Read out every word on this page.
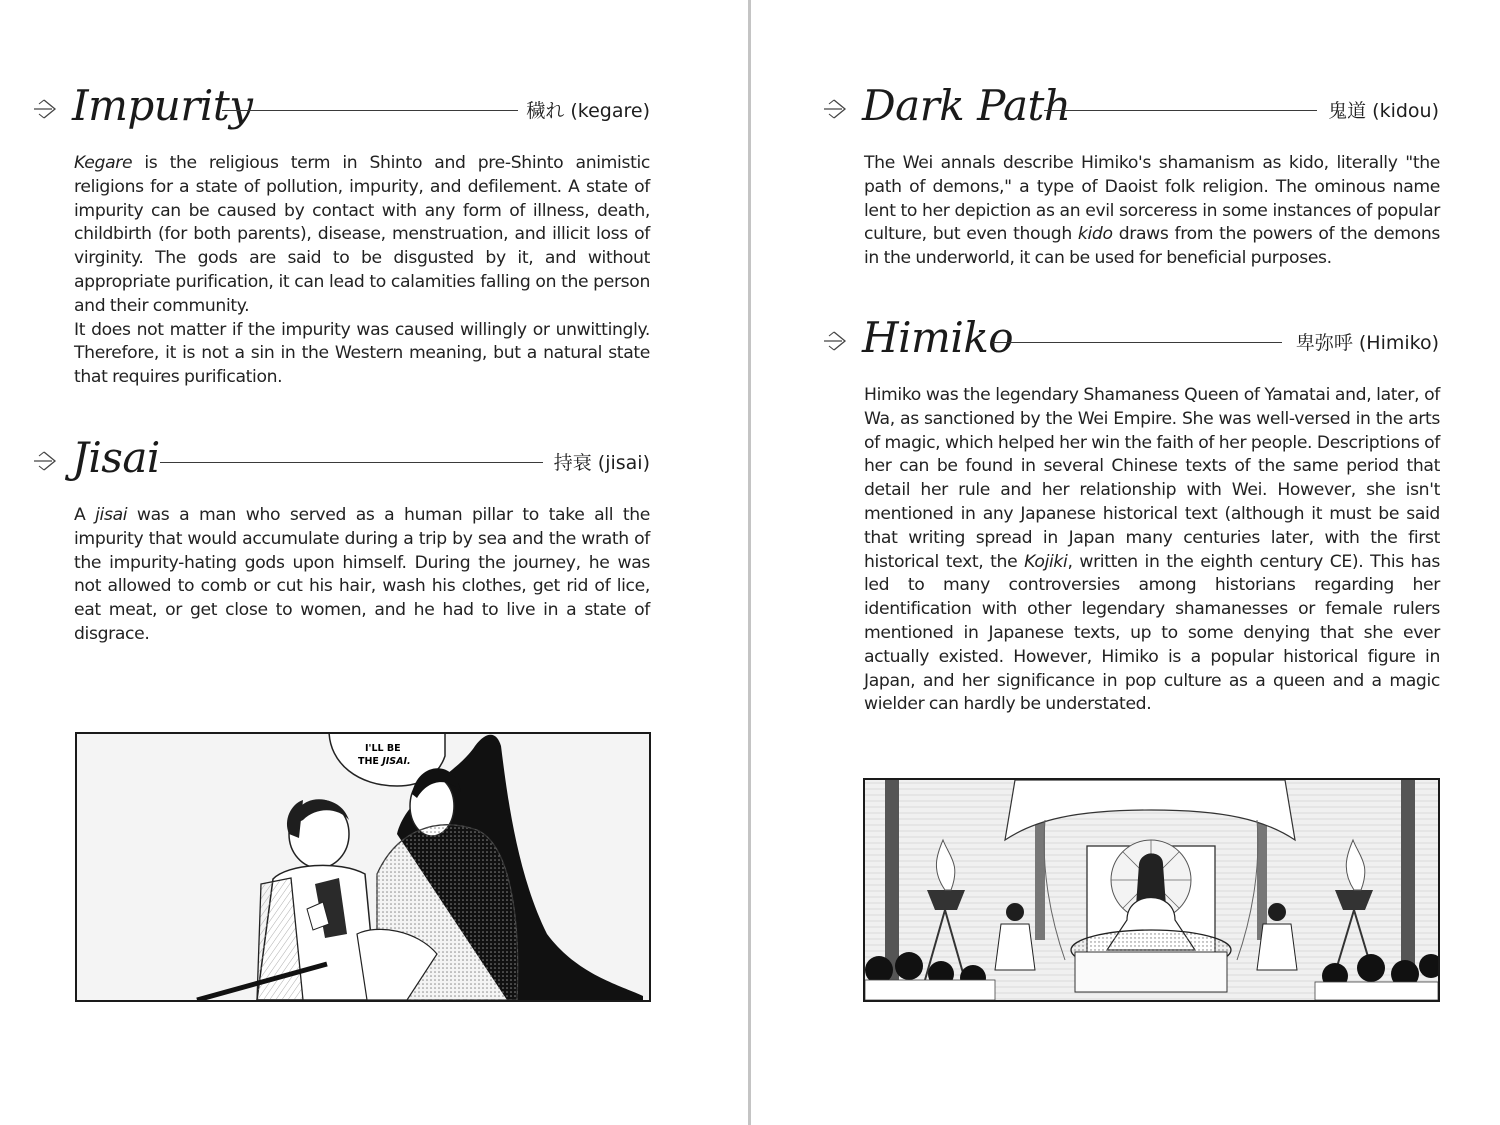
Impurity	穢れ (kegare)

Kegare is the religious term in Shinto and pre-Shinto animistic religions for a state of pollution, impurity, and defilement. A state of impurity can be caused by contact with any form of illness, death, childbirth (for both parents), disease, menstruation, and illicit loss of virginity. The gods are said to be disgusted by it, and without appropriate purification, it can lead to calamities falling on the person and their community.

It does not matter if the impurity was caused willingly or unwittingly. Therefore, it is not a sin in the Western meaning, but a natural state that requires purification.

Jisai	持衰 (jisai)

A jisai was a man who served as a human pillar to take all the impurity that would accumulate during a trip by sea and the wrath of the impurity-hating gods upon himself. During the journey, he was not allowed to comb or cut his hair, wash his clothes, get rid of lice, eat meat, or get close to women, and he had to live in a state of disgrace.

I'LL BE
THE JISAI.
Dark Path	鬼道 (kidou)

The Wei annals describe Himiko's shamanism as kido, literally "the path of demons," a type of Daoist folk religion. The ominous name lent to her depiction as an evil sorceress in some instances of popular culture, but even though kido draws from the powers of the demons in the underworld, it can be used for beneficial purposes.

Himiko	卑弥呼 (Himiko)

Himiko was the legendary Shamaness Queen of Yamatai and, later, of Wa, as sanctioned by the Wei Empire. She was well-versed in the arts of magic, which helped her win the faith of her people. Descriptions of her can be found in several Chinese texts of the same period that detail her rule and her relationship with Wei. However, she isn't mentioned in any Japanese historical text (although it must be said that writing spread in Japan many centuries later, with the first historical text, the Kojiki, written in the eighth century CE). This has led to many controversies among historians regarding her identification with other legendary shamanesses or female rulers mentioned in Japanese texts, up to some denying that she ever actually existed. However, Himiko is a popular historical figure in Japan, and her significance in pop culture as a queen and a magic wielder can hardly be understated.
